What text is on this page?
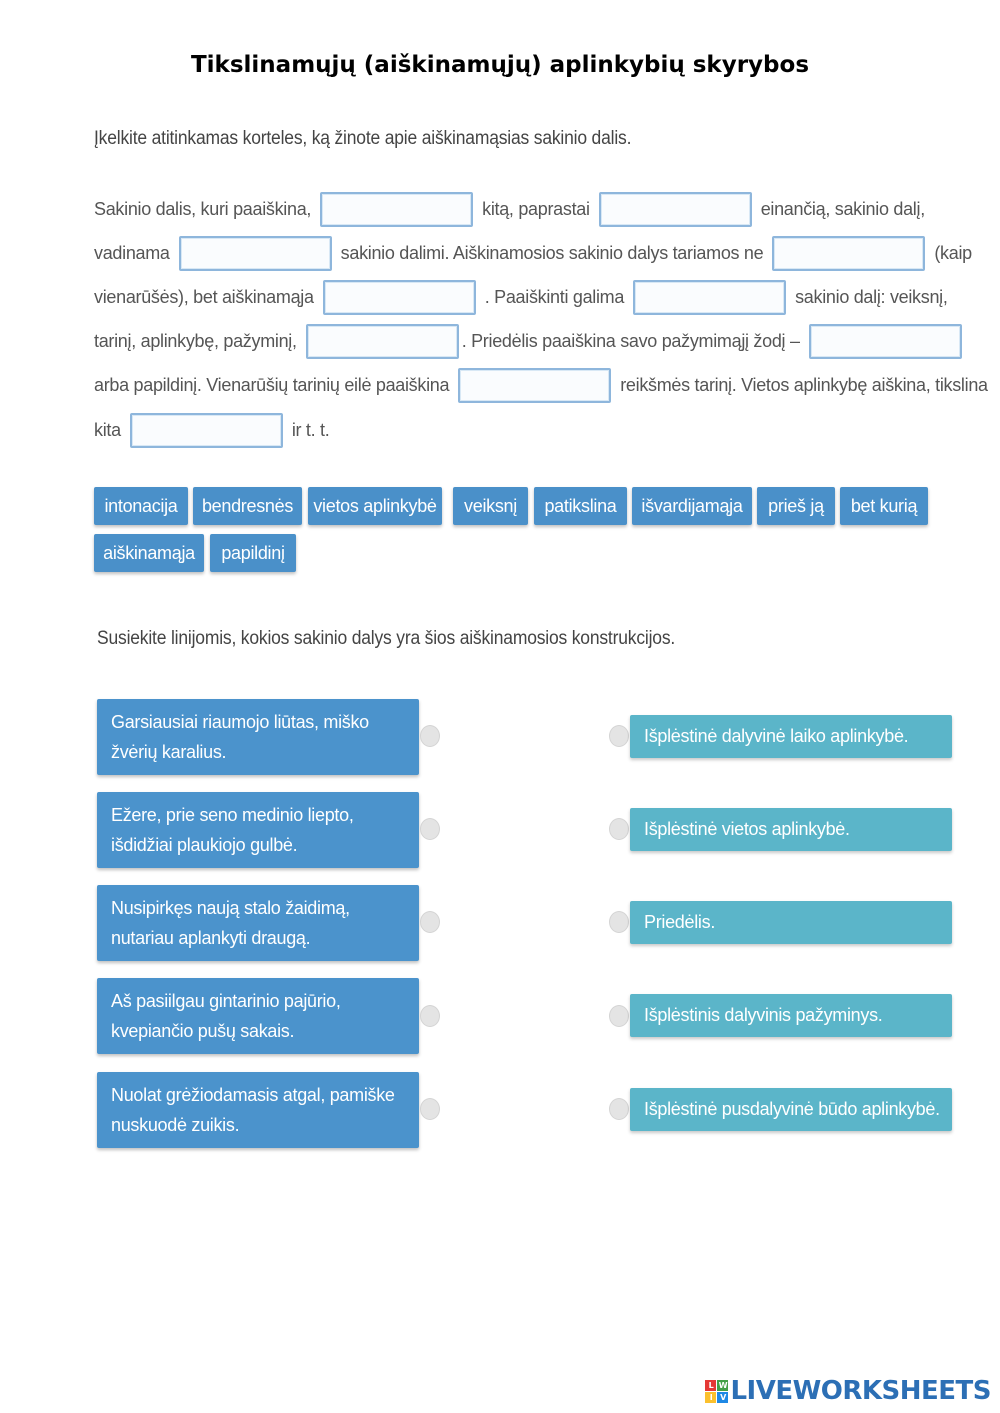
Tikslinamųjų (aiškinamųjų) aplinkybių skyrybos
Įkelkite atitinkamas korteles, ką žinote apie aiškinamąsias sakinio dalis.
Sakinio dalis, kuri paaiškina,	kitą, paprastai	einančią, sakinio dalį,
vadinama	sakinio dalimi. Aiškinamosios sakinio dalys tariamos ne	(kaip
vienarūšės), bet aiškinamąja	. Paaiškinti galima	sakinio dalį: veiksnį,
tarinį, aplinkybę, pažyminį,	. Priedėlis paaiškina savo pažymimąjį žodį –
arba papildinį. Vienarūšių tarinių eilė paaiškina	reikšmės tarinį. Vietos aplinkybę aiškina, tikslina
kita	ir t. t.
intonacija	bendresnės	vietos aplinkybė	veiksnį	patikslina	išvardijamąja	prieš ją	bet kurią
aiškinamąja	papildinį
Susiekite linijomis, kokios sakinio dalys yra šios aiškinamosios konstrukcijos.
Garsiausiai riaumojo liūtas, miško žvėrių karalius.
Ežere, prie seno medinio liepto, išdidžiai plaukiojo gulbė.
Nusipirkęs naują stalo žaidimą, nutariau aplankyti draugą.
Aš pasiilgau gintarinio pajūrio, kvepiančio pušų sakais.
Nuolat grėžiodamasis atgal, pamiške nuskuodė zuikis.
Išplėstinė dalyvinė laiko aplinkybė.
Išplėstinė vietos aplinkybė.
Priedėlis.
Išplėstinis dalyvinis pažyminys.
Išplėstinė pusdalyvinė būdo aplinkybė.
L W
I V LIVEWORKSHEETS
